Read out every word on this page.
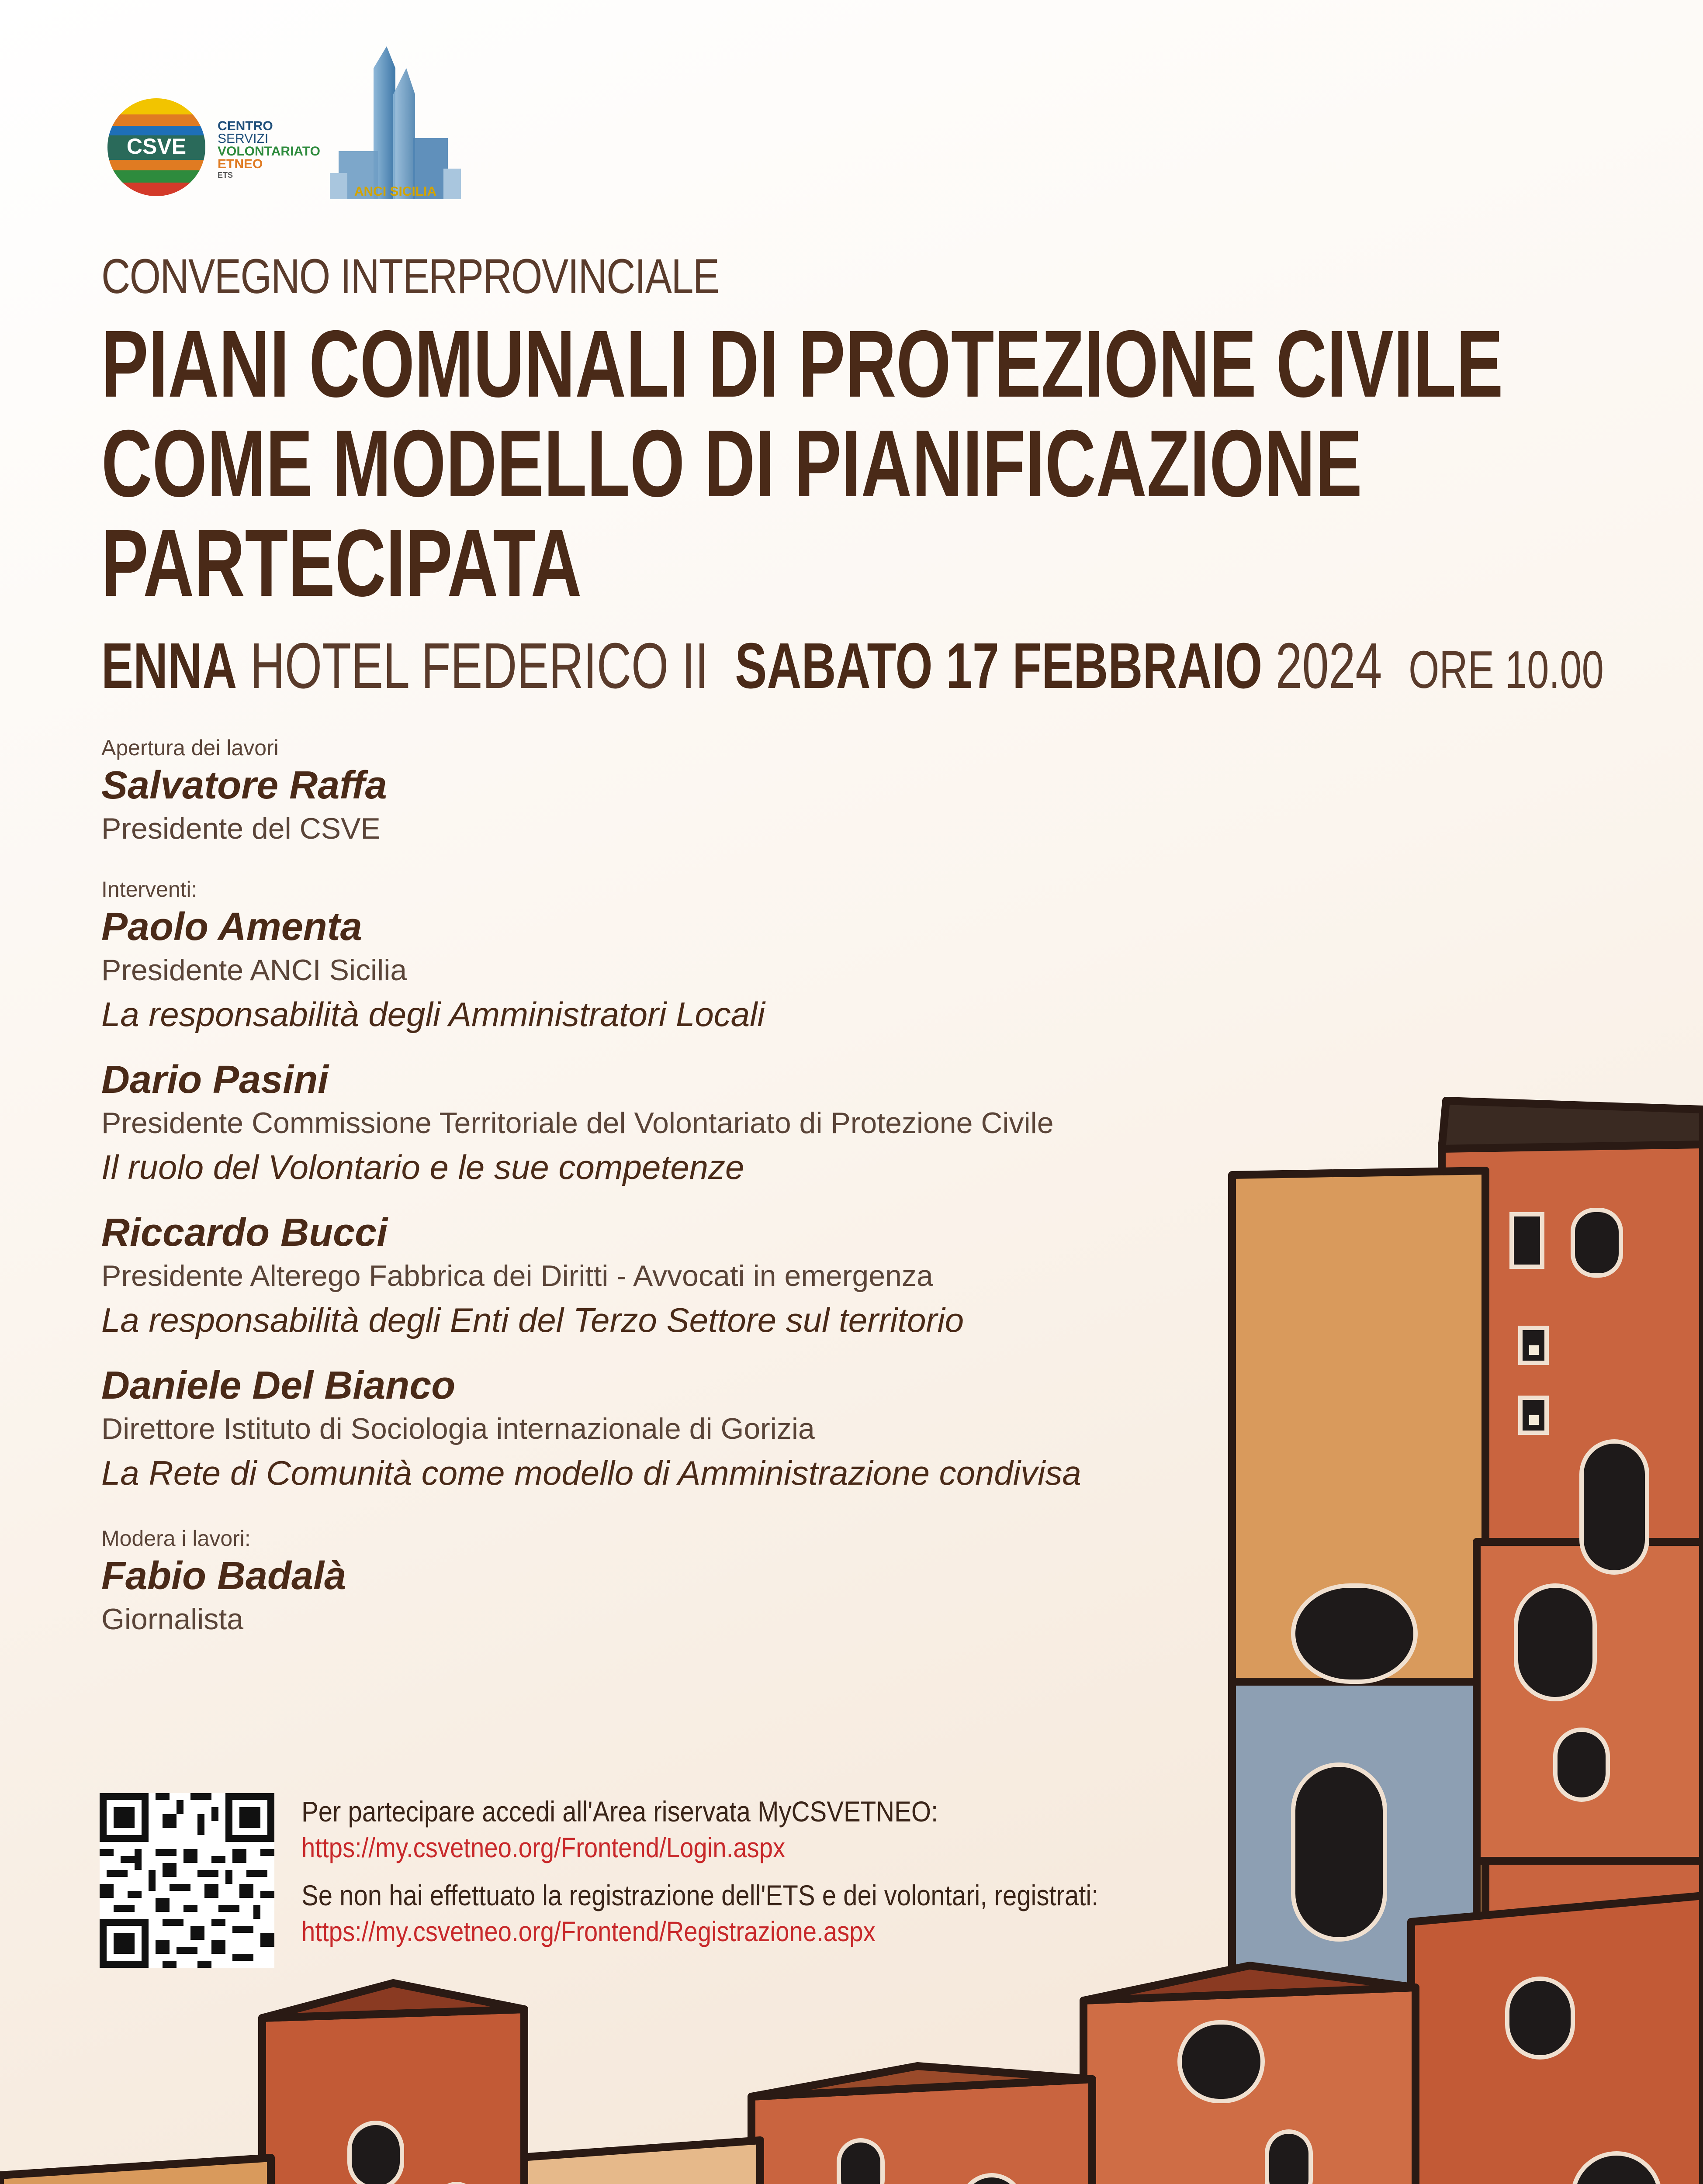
CSVE
CENTRO
SERVIZI
VOLONTARIATO
ETNEO
ETS
ANCI SICILIA
CONVEGNO INTERPROVINCIALE
PIANI COMUNALI DI PROTEZIONE CIVILE
COME MODELLO DI PIANIFICAZIONE
PARTECIPATA
ENNA HOTEL FEDERICO II SABATO 17 FEBBRAIO 2024 ORE 10.00
Apertura dei lavori
Salvatore Raffa
Presidente del CSVE
Interventi:
Paolo Amenta
Presidente ANCI Sicilia
La responsabilità degli Amministratori Locali
Dario Pasini
Presidente Commissione Territoriale del Volontariato di Protezione Civile
Il ruolo del Volontario e le sue competenze
Riccardo Bucci
Presidente Alterego Fabbrica dei Diritti - Avvocati in emergenza
La responsabilità degli Enti del Terzo Settore sul territorio
Daniele Del Bianco
Direttore Istituto di Sociologia internazionale di Gorizia
La Rete di Comunità come modello di Amministrazione condivisa
Modera i lavori:
Fabio Badalà
Giornalista
Per partecipare accedi all'Area riservata MyCSVETNEO:
https://my.csvetneo.org/Frontend/Login.aspx
Se non hai effettuato la registrazione dell'ETS e dei volontari, registrati:
https://my.csvetneo.org/Frontend/Registrazione.aspx
